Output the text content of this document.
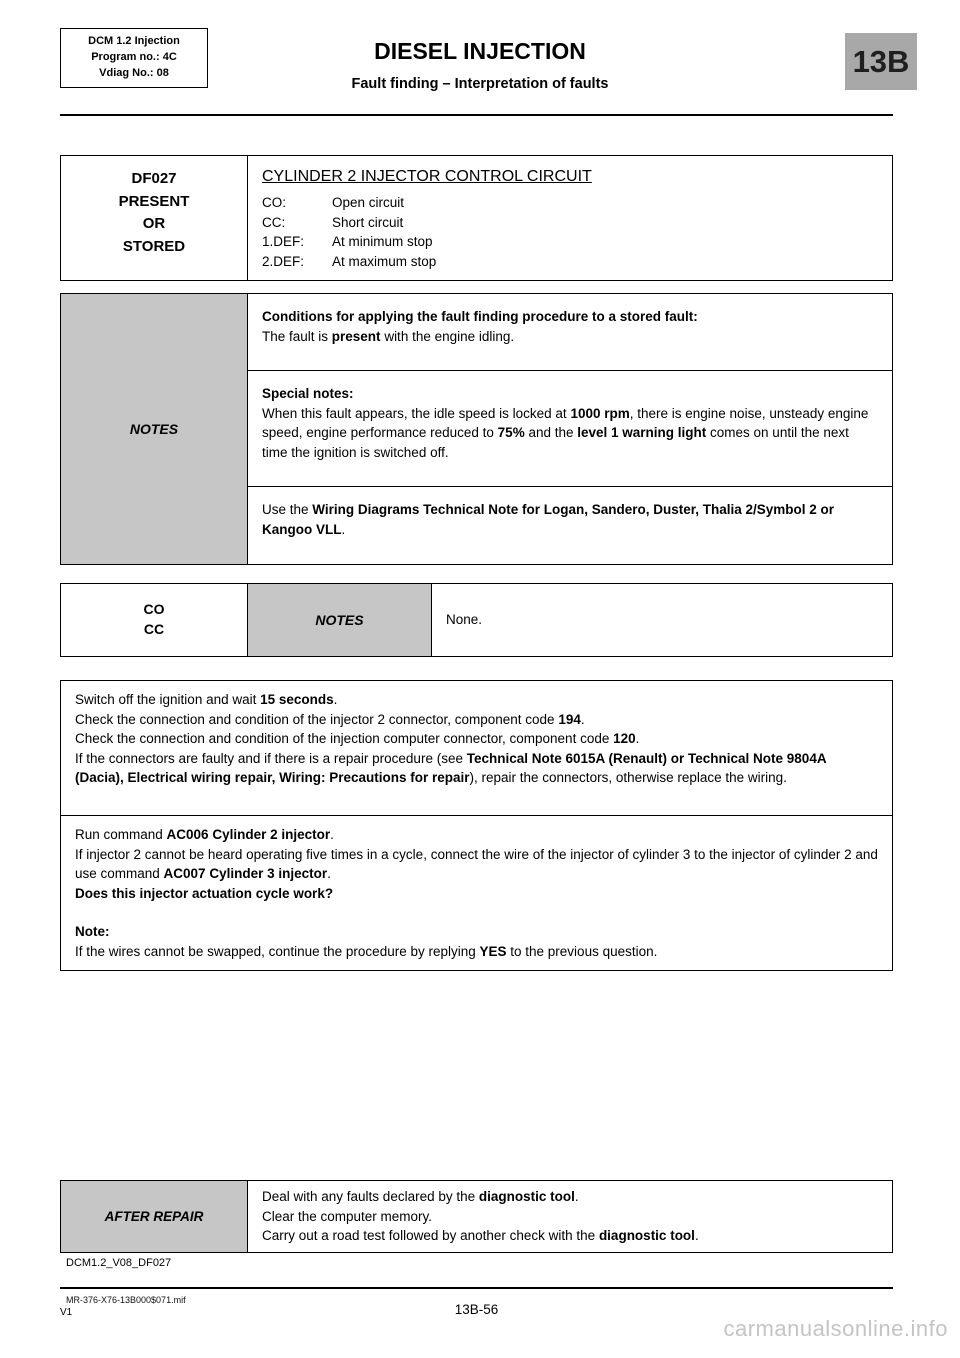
DCM 1.2 Injection
Program no.: 4C
Vdiag No.: 08
DIESEL INJECTION
Fault finding – Interpretation of faults
13B
DF027
PRESENT
OR
STORED
CYLINDER 2 INJECTOR CONTROL CIRCUIT
CO:	Open circuit
CC:	Short circuit
1.DEF: At minimum stop
2.DEF: At maximum stop
NOTES
Conditions for applying the fault finding procedure to a stored fault:
The fault is present with the engine idling.
Special notes:
When this fault appears, the idle speed is locked at 1000 rpm, there is engine noise, unsteady engine speed, engine performance reduced to 75% and the level 1 warning light comes on until the next time the ignition is switched off.
Use the Wiring Diagrams Technical Note for Logan, Sandero, Duster, Thalia 2/Symbol 2 or Kangoo VLL.
CO
CC
NOTES	None.
Switch off the ignition and wait 15 seconds.
Check the connection and condition of the injector 2 connector, component code 194.
Check the connection and condition of the injection computer connector, component code 120.
If the connectors are faulty and if there is a repair procedure (see Technical Note 6015A (Renault) or Technical Note 9804A (Dacia), Electrical wiring repair, Wiring: Precautions for repair), repair the connectors, otherwise replace the wiring.
Run command AC006 Cylinder 2 injector.
If injector 2 cannot be heard operating five times in a cycle, connect the wire of the injector of cylinder 3 to the injector of cylinder 2 and use command AC007 Cylinder 3 injector.
Does this injector actuation cycle work?
Note:
If the wires cannot be swapped, continue the procedure by replying YES to the previous question.
AFTER REPAIR
Deal with any faults declared by the diagnostic tool.
Clear the computer memory.
Carry out a road test followed by another check with the diagnostic tool.
DCM1.2_V08_DF027
MR-376-X76-13B000$071.mif
V1	13B-56
carmanualsonline.info
